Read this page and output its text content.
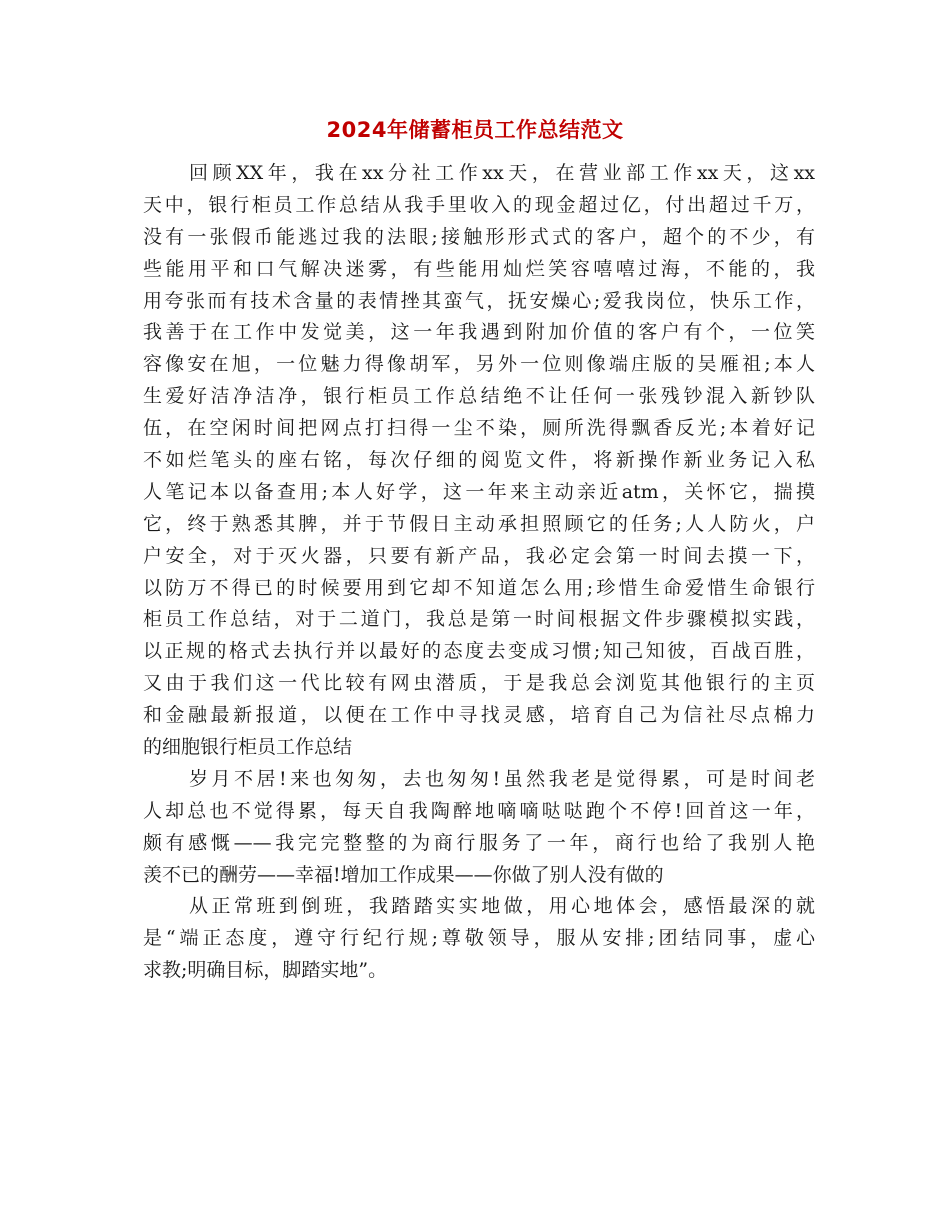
2024年储蓄柜员工作总结范文
回顾XX年，我在xx分社工作xx天，在营业部工作xx天，这xx
天中，银行柜员工作总结从我手里收入的现金超过亿，付出超过千万，
没有一张假币能逃过我的法眼;接触形形式式的客户，超个的不少，有
些能用平和口气解决迷雾，有些能用灿烂笑容嘻嘻过海，不能的，我
用夸张而有技术含量的表情挫其蛮气，抚安燥心;爱我岗位，快乐工作，
我善于在工作中发觉美，这一年我遇到附加价值的客户有个，一位笑
容像安在旭，一位魅力得像胡军，另外一位则像端庄版的吴雁祖;本人
生爱好洁净洁净，银行柜员工作总结绝不让任何一张残钞混入新钞队
伍，在空闲时间把网点打扫得一尘不染，厕所洗得飘香反光;本着好记
不如烂笔头的座右铭，每次仔细的阅览文件，将新操作新业务记入私
人笔记本以备查用;本人好学，这一年来主动亲近atm，关怀它，揣摸
它，终于熟悉其脾，并于节假日主动承担照顾它的任务;人人防火，户
户安全，对于灭火器，只要有新产品，我必定会第一时间去摸一下，
以防万不得已的时候要用到它却不知道怎么用;珍惜生命爱惜生命银行
柜员工作总结，对于二道门，我总是第一时间根据文件步骤模拟实践，
以正规的格式去执行并以最好的态度去变成习惯;知己知彼，百战百胜，
又由于我们这一代比较有网虫潜质，于是我总会浏览其他银行的主页
和金融最新报道，以便在工作中寻找灵感，培育自己为信社尽点棉力
的细胞银行柜员工作总结
岁月不居!来也匆匆，去也匆匆!虽然我老是觉得累，可是时间老
人却总也不觉得累，每天自我陶醉地嘀嘀哒哒跑个不停!回首这一年，
颇有感慨——我完完整整的为商行服务了一年，商行也给了我别人艳
羡不已的酬劳——幸福!增加工作成果——你做了别人没有做的
从正常班到倒班，我踏踏实实地做，用心地体会，感悟最深的就
是“端正态度，遵守行纪行规;尊敬领导，服从安排;团结同事，虚心
求教;明确目标，脚踏实地”。
